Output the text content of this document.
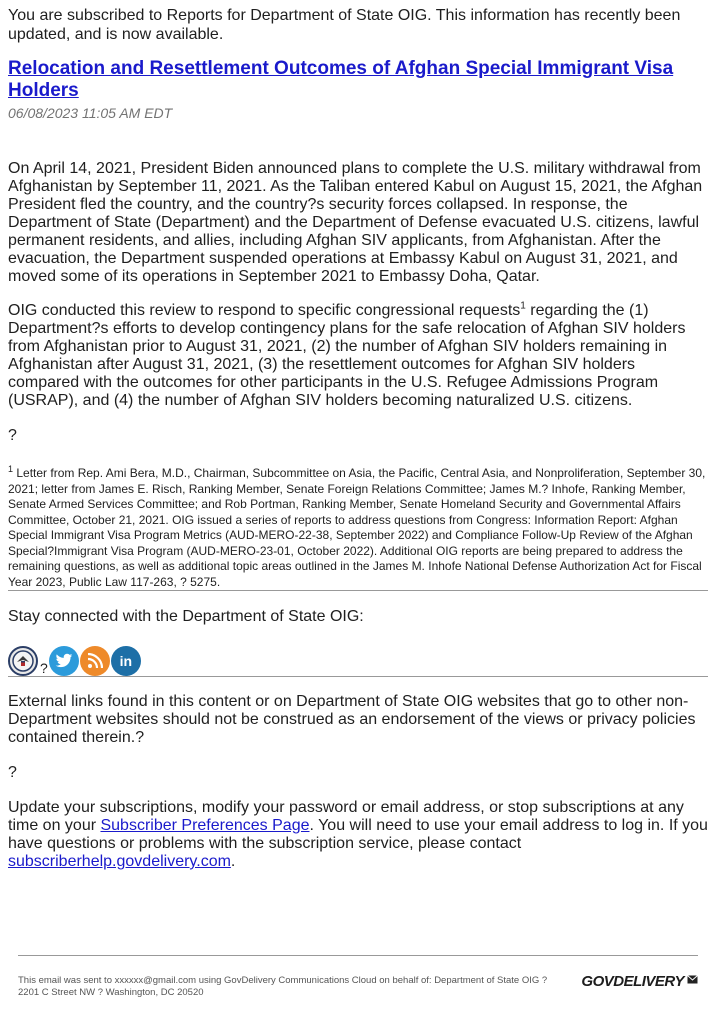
You are subscribed to Reports for Department of State OIG. This information has recently been updated, and is now available.

Relocation and Resettlement Outcomes of Afghan Special Immigrant Visa Holders
06/08/2023 11:05 AM EDT

On April 14, 2021, President Biden announced plans to complete the U.S. military withdrawal from Afghanistan by September 11, 2021. As the Taliban entered Kabul on August 15, 2021, the Afghan President fled the country, and the country?s security forces collapsed. In response, the Department of State (Department) and the Department of Defense evacuated U.S. citizens, lawful permanent residents, and allies, including Afghan SIV applicants, from Afghanistan. After the evacuation, the Department suspended operations at Embassy Kabul on August 31, 2021, and moved some of its operations in September 2021 to Embassy Doha, Qatar.

OIG conducted this review to respond to specific congressional requests$^1$ regarding the (1) Department?s efforts to develop contingency plans for the safe relocation of Afghan SIV holders from Afghanistan prior to August 31, 2021, (2) the number of Afghan SIV holders remaining in Afghanistan after August 31, 2021, (3) the resettlement outcomes for Afghan SIV holders compared with the outcomes for other participants in the U.S. Refugee Admissions Program (USRAP), and (4) the number of Afghan SIV holders becoming naturalized U.S. citizens.

?

$^1$ Letter from Rep. Ami Bera, M.D., Chairman, Subcommittee on Asia, the Pacific, Central Asia, and Nonproliferation, September 30, 2021; letter from James E. Risch, Ranking Member, Senate Foreign Relations Committee; James M.? Inhofe, Ranking Member, Senate Armed Services Committee; and Rob Portman, Ranking Member, Senate Homeland Security and Governmental Affairs Committee, October 21, 2021. OIG issued a series of reports to address questions from Congress: Information Report: Afghan Special Immigrant Visa Program Metrics (AUD-MERO-22-38, September 2022) and Compliance Follow-Up Review of the Afghan Special?Immigrant Visa Program (AUD-MERO-23-01, October 2022). Additional OIG reports are being prepared to address the remaining questions, as well as additional topic areas outlined in the James M. Inhofe National Defense Authorization Act for Fiscal Year 2023, Public Law 117-263, ? 5275.

Stay connected with the Department of State OIG:
?	in

External links found in this content or on Department of State OIG websites that go to other non-Department websites should not be construed as an endorsement of the views or privacy policies contained therein.?

?

Update your subscriptions, modify your password or email address, or stop subscriptions at any time on your Subscriber Preferences Page. You will need to use your email address to log in. If you have questions or problems with the subscription service, please contact subscriberhelp.govdelivery.com.

This email was sent to xxxxxx@gmail.com using GovDelivery Communications Cloud on behalf of: Department of State OIG ?
2201 C Street NW ? Washington, DC 20520
GOVDELIVERY
